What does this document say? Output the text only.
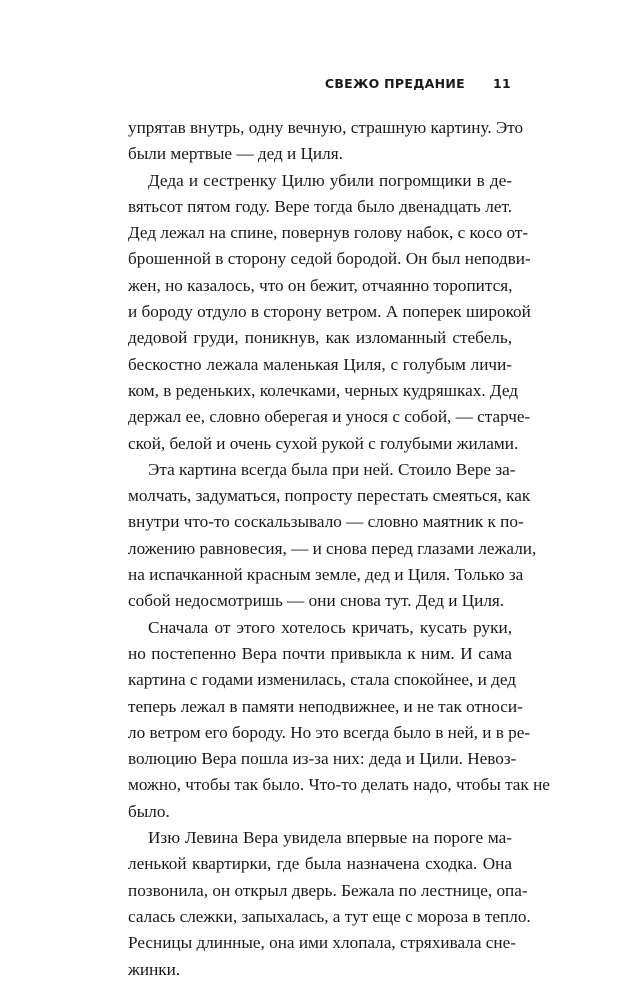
СВЕЖО ПРЕДАНИЕ 11
упрятав внутрь, одну вечную, страшную картину. Это
были мертвые — дед и Циля.
Деда и сестренку Цилю убили погромщики в де-
вятьсот пятом году. Вере тогда было двенадцать лет.
Дед лежал на спине, повернув голову набок, с косо от-
брошенной в сторону седой бородой. Он был неподви-
жен, но казалось, что он бежит, отчаянно торопится,
и бороду отдуло в сторону ветром. А поперек широкой
дедовой груди, поникнув, как изломанный стебель,
бескостно лежала маленькая Циля, с голубым личи-
ком, в реденьких, колечками, черных кудряшках. Дед
держал ее, словно оберегая и унося с собой, — старче-
ской, белой и очень сухой рукой с голубыми жилами.
Эта картина всегда была при ней. Стоило Вере за-
молчать, задуматься, попросту перестать смеяться, как
внутри что-то соскальзывало — словно маятник к по-
ложению равновесия, — и снова перед глазами лежали,
на испачканной красным земле, дед и Циля. Только за
собой недосмотришь — они снова тут. Дед и Циля.
Сначала от этого хотелось кричать, кусать руки,
но постепенно Вера почти привыкла к ним. И сама
картина с годами изменилась, стала спокойнее, и дед
теперь лежал в памяти неподвижнее, и не так относи-
ло ветром его бороду. Но это всегда было в ней, и в ре-
волюцию Вера пошла из-за них: деда и Цили. Невоз-
можно, чтобы так было. Что-то делать надо, чтобы так не
было.
Изю Левина Вера увидела впервые на пороге ма-
ленькой квартирки, где была назначена сходка. Она
позвонила, он открыл дверь. Бежала по лестнице, опа-
салась слежки, запыхалась, а тут еще с мороза в тепло.
Ресницы длинные, она ими хлопала, стряхивала сне-
жинки.
